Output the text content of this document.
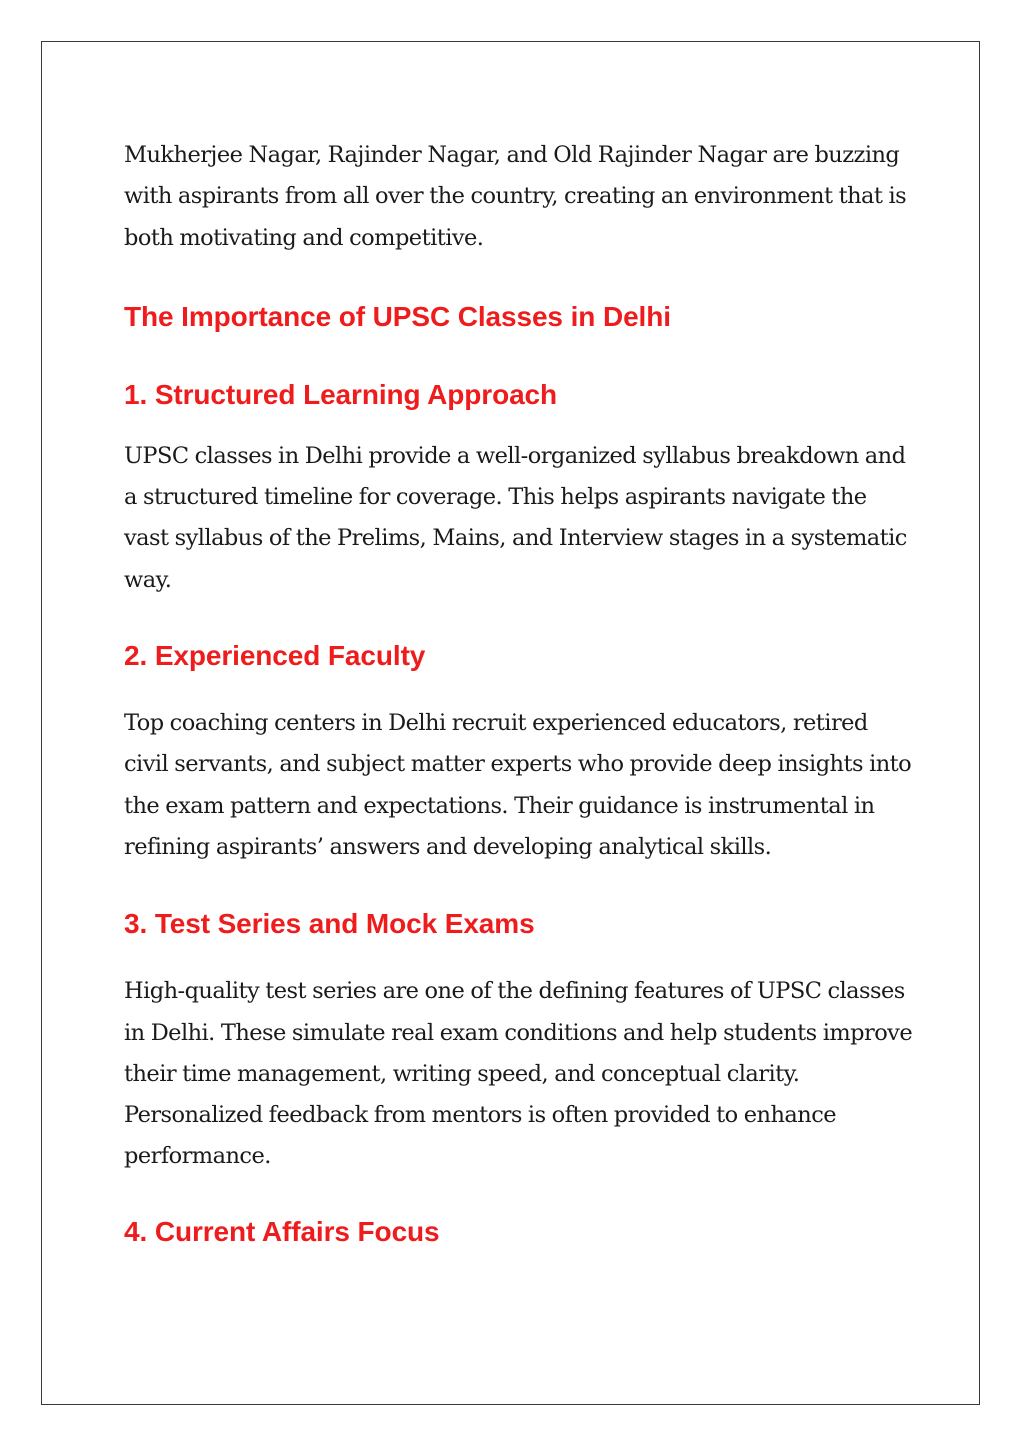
Mukherjee Nagar, Rajinder Nagar, and Old Rajinder Nagar are buzzing with aspirants from all over the country, creating an environment that is both motivating and competitive.

The Importance of UPSC Classes in Delhi
1. Structured Learning Approach

UPSC classes in Delhi provide a well-organized syllabus breakdown and a structured timeline for coverage. This helps aspirants navigate the vast syllabus of the Prelims, Mains, and Interview stages in a systematic way.

2. Experienced Faculty

Top coaching centers in Delhi recruit experienced educators, retired civil servants, and subject matter experts who provide deep insights into the exam pattern and expectations. Their guidance is instrumental in refining aspirants’ answers and developing analytical skills.

3. Test Series and Mock Exams

High-quality test series are one of the defining features of UPSC classes in Delhi. These simulate real exam conditions and help students improve their time management, writing speed, and conceptual clarity. Personalized feedback from mentors is often provided to enhance performance.

4. Current Affairs Focus
